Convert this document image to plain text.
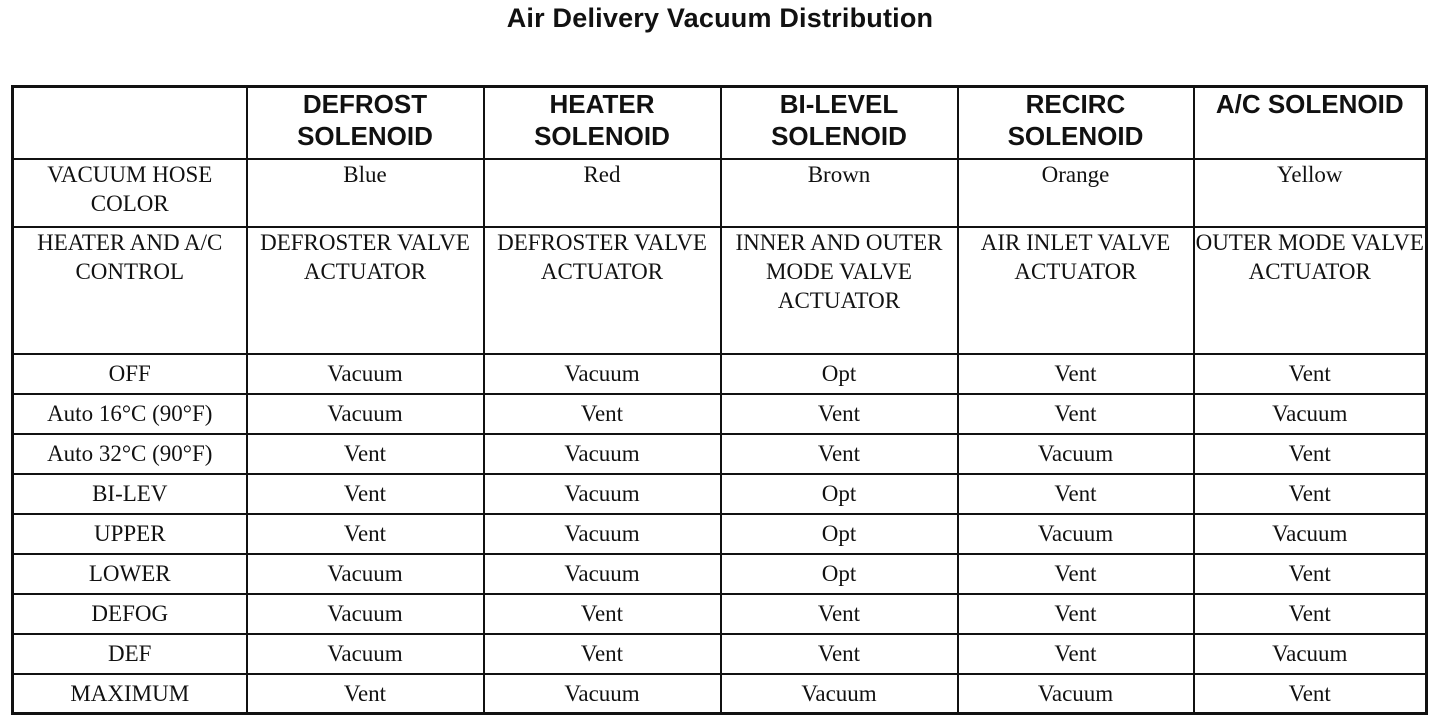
Air Delivery Vacuum Distribution
	DEFROST SOLENOID	HEATER SOLENOID	BI-LEVEL SOLENOID	RECIRC SOLENOID	A/C SOLENOID
VACUUM HOSE COLOR	Blue	Red	Brown	Orange	Yellow
HEATER AND A/C CONTROL	DEFROSTER VALVE ACTUATOR	DEFROSTER VALVE ACTUATOR	INNER AND OUTER MODE VALVE ACTUATOR	AIR INLET VALVE ACTUATOR	OUTER MODE VALVE ACTUATOR
OFF	Vacuum	Vacuum	Opt	Vent	Vent
Auto 16°C (90°F)	Vacuum	Vent	Vent	Vent	Vacuum
Auto 32°C (90°F)	Vent	Vacuum	Vent	Vacuum	Vent
BI-LEV	Vent	Vacuum	Opt	Vent	Vent
UPPER	Vent	Vacuum	Opt	Vacuum	Vacuum
LOWER	Vacuum	Vacuum	Opt	Vent	Vent
DEFOG	Vacuum	Vent	Vent	Vent	Vent
DEF	Vacuum	Vent	Vent	Vent	Vacuum
MAXIMUM	Vent	Vacuum	Vacuum	Vacuum	Vent
